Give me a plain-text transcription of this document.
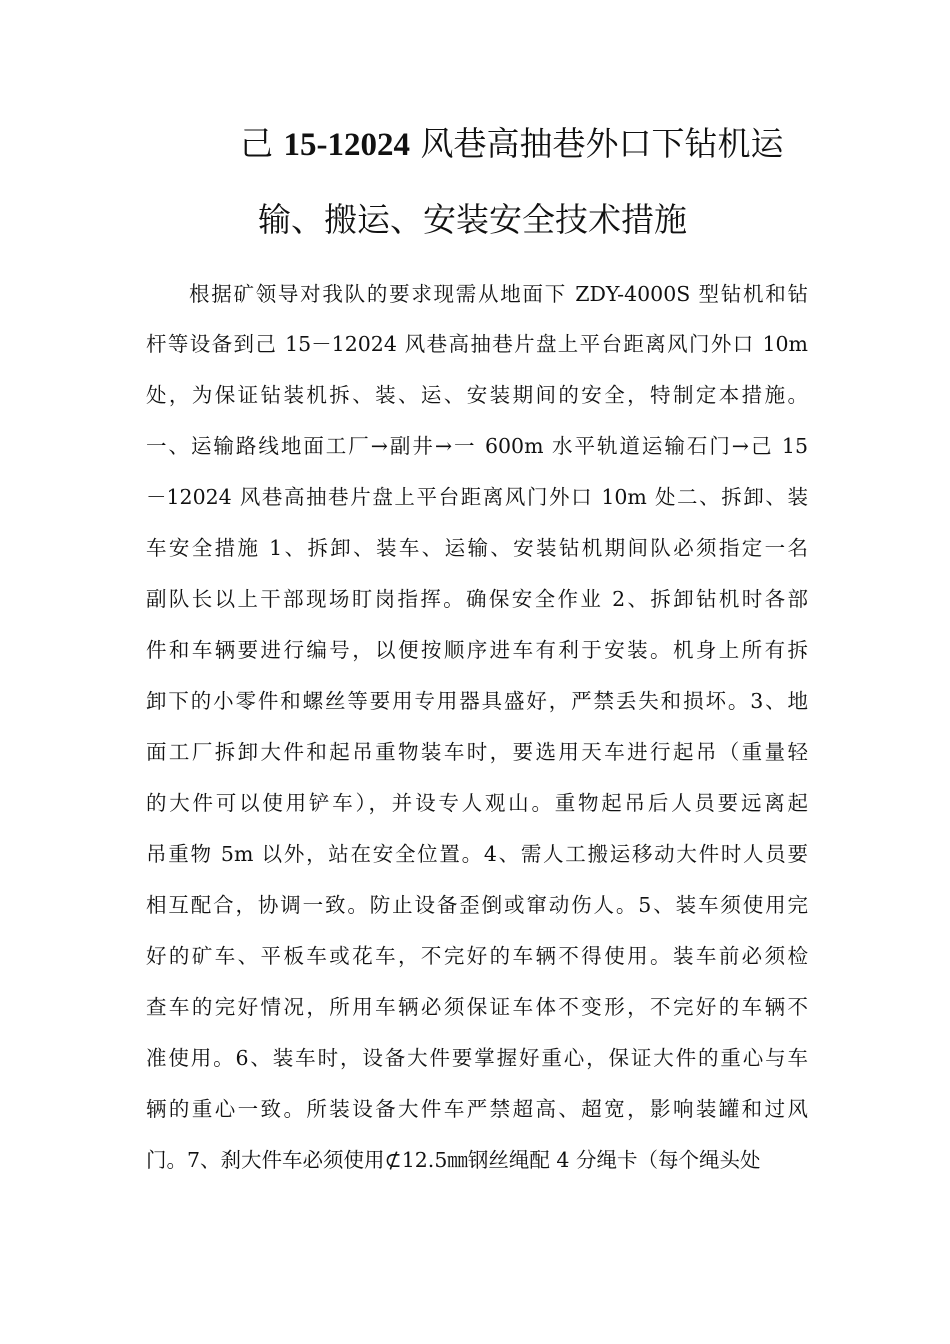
己 15-12024 风巷高抽巷外口下钻机运
输、搬运、安装安全技术措施
根据矿领导对我队的要求现需从地面下 ZDY-4000S 型钻机和钻
杆等设备到己 15－12024 风巷高抽巷片盘上平台距离风门外口 10m
处，为保证钻装机拆、装、运、安装期间的安全，特制定本措施。
一、运输路线地面工厂→副井→一 600m 水平轨道运输石门→己 15
－12024 风巷高抽巷片盘上平台距离风门外口 10m 处二、拆卸、装
车安全措施 1、拆卸、装车、运输、安装钻机期间队必须指定一名
副队长以上干部现场盯岗指挥。确保安全作业 2、拆卸钻机时各部
件和车辆要进行编号，以便按顺序进车有利于安装。机身上所有拆
卸下的小零件和螺丝等要用专用器具盛好，严禁丢失和损坏。3、地
面工厂拆卸大件和起吊重物装车时，要选用天车进行起吊（重量轻
的大件可以使用铲车），并设专人观山。重物起吊后人员要远离起
吊重物 5m 以外，站在安全位置。4、需人工搬运移动大件时人员要
相互配合，协调一致。防止设备歪倒或窜动伤人。5、装车须使用完
好的矿车、平板车或花车，不完好的车辆不得使用。装车前必须检
查车的完好情况，所用车辆必须保证车体不变形，不完好的车辆不
准使用。6、装车时，设备大件要掌握好重心，保证大件的重心与车
辆的重心一致。所装设备大件车严禁超高、超宽，影响装罐和过风
门。7、刹大件车必须使用⊄12.5㎜钢丝绳配 4 分绳卡（每个绳头处
